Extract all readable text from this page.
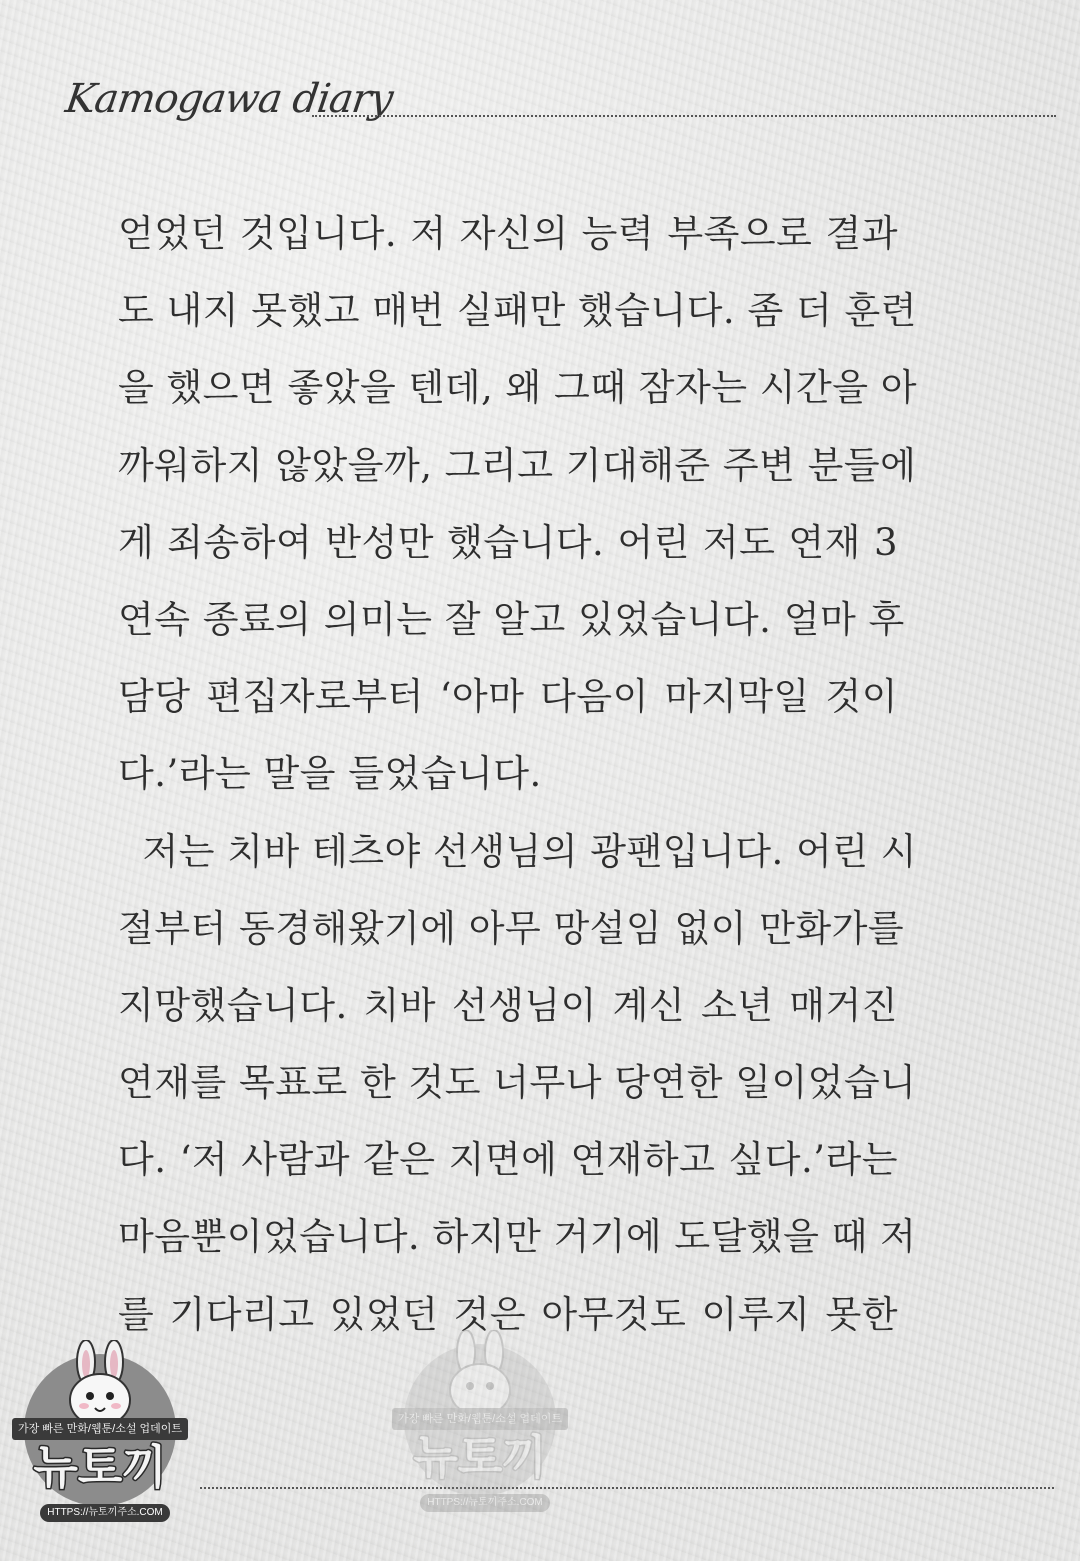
Kamogawa diary
얻었던 것입니다. 저 자신의 능력 부족으로 결과
도 내지 못했고 매번 실패만 했습니다. 좀 더 훈련
을 했으면 좋았을 텐데, 왜 그때 잠자는 시간을 아
까워하지 않았을까, 그리고 기대해준 주변 분들에
게 죄송하여 반성만 했습니다. 어린 저도 연재 3
연속 종료의 의미는 잘 알고 있었습니다. 얼마 후
담당 편집자로부터 ‘아마 다음이 마지막일 것이
다.’라는 말을 들었습니다.
저는 치바 테츠야 선생님의 광팬입니다. 어린 시
절부터 동경해왔기에 아무 망설임 없이 만화가를
지망했습니다. 치바 선생님이 계신 소년 매거진
연재를 목표로 한 것도 너무나 당연한 일이었습니
다. ‘저 사람과 같은 지면에 연재하고 싶다.’라는
마음뿐이었습니다. 하지만 거기에 도달했을 때 저
를 기다리고 있었던 것은 아무것도 이루지 못한
가장 빠른 만화/웹툰/소설 업데이트
뉴토끼
HTTPS://뉴토끼주소.COM
가장 빠른 만화/웹툰/소설 업데이트
뉴토끼
HTTPS://뉴토끼주소.COM
